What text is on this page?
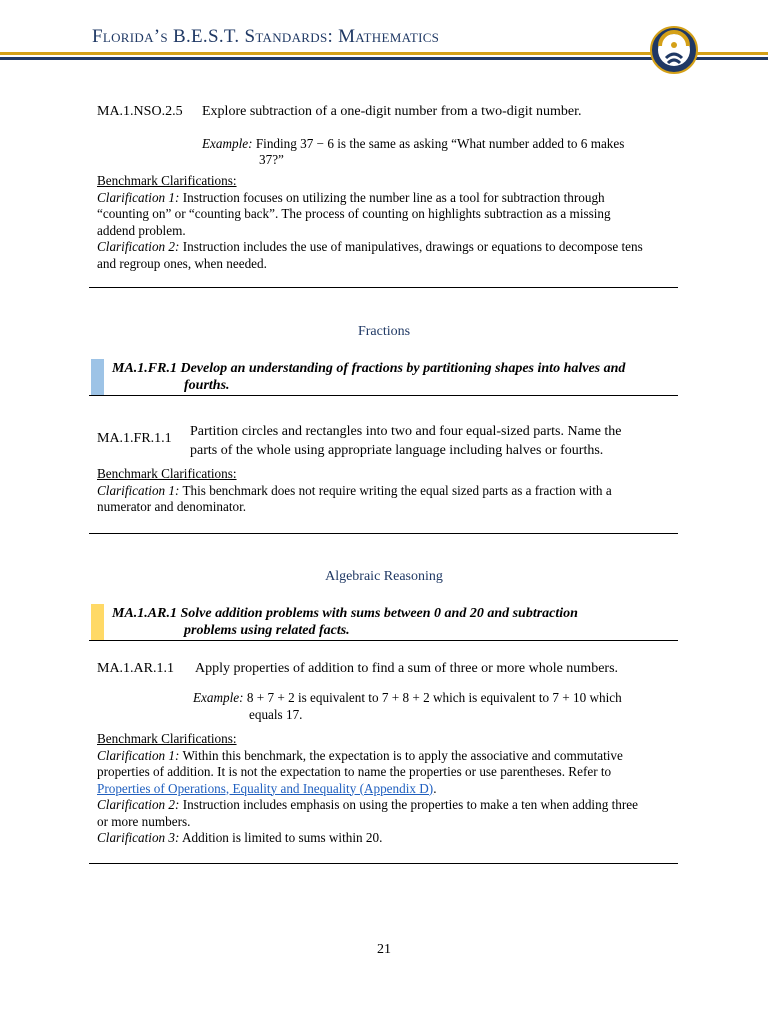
Florida’s B.E.S.T. Standards: Mathematics
MA.1.NSO.2.5 Explore subtraction of a one-digit number from a two-digit number.
Example: Finding 37 − 6 is the same as asking “What number added to 6 makes
37?”
Benchmark Clarifications:
Clarification 1: Instruction focuses on utilizing the number line as a tool for subtraction through
“counting on” or “counting back”. The process of counting on highlights subtraction as a missing
addend problem.
Clarification 2: Instruction includes the use of manipulatives, drawings or equations to decompose tens
and regroup ones, when needed.
Fractions
MA.1.FR.1 Develop an understanding of fractions by partitioning shapes into halves and
fourths.
MA.1.FR.1.1 Partition circles and rectangles into two and four equal-sized parts. Name the
parts of the whole using appropriate language including halves or fourths.
Benchmark Clarifications:
Clarification 1: This benchmark does not require writing the equal sized parts as a fraction with a
numerator and denominator.
Algebraic Reasoning
MA.1.AR.1 Solve addition problems with sums between 0 and 20 and subtraction
problems using related facts.
MA.1.AR.1.1 Apply properties of addition to find a sum of three or more whole numbers.
Example: 8 + 7 + 2 is equivalent to 7 + 8 + 2 which is equivalent to 7 + 10 which
equals 17.
Benchmark Clarifications:
Clarification 1: Within this benchmark, the expectation is to apply the associative and commutative
properties of addition. It is not the expectation to name the properties or use parentheses. Refer to
Properties of Operations, Equality and Inequality (Appendix D).
Clarification 2: Instruction includes emphasis on using the properties to make a ten when adding three
or more numbers.
Clarification 3: Addition is limited to sums within 20.
21
